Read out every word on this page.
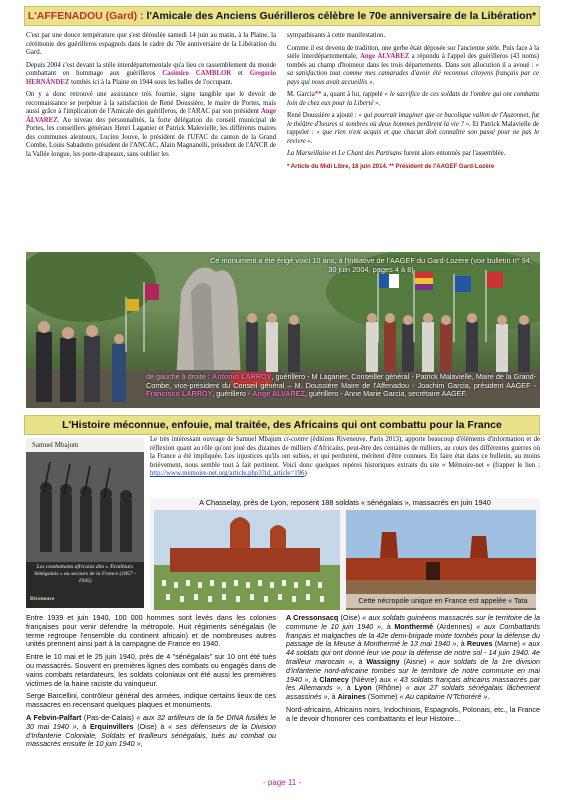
L'AFFENADOU (Gard) : l'Amicale des Anciens Guérilleros célèbre le 70e anniversaire de la Libération*

C'est par une douce température que s'est déroulée samedi 14 juin au matin, à la Plaine, la cérémonie des guérilleros espagnols dans le cadre du 70e anniversaire de la Libération du Gard.

Depuis 2004 c'est devant la stèle interdépartementale qu'a lieu ce rassemblement du monde combattant en hommage aux guérilleros Casimiro CAMBLOR et Gregorio HERNÁNDEZ tombés ici à la Plaine en 1944 sous les balles de l'occupant.

On y a donc retrouvé une assistance très fournie, signe tangible que le devoir de reconnaissance se perpétue à la satisfaction de René Doussière, le maire de Portes, mais aussi grâce à l'implication de l'Amicale des guérilleros, de l'ARAC par son président Ange ÁLVAREZ. Au niveau des personnalités, la forte délégation du conseil municipal de Portes, les conseillers généraux Henri Laganier et Patrick Malevielle, les différents maires des communes alentours, Lucien Jouve, le président de l'UFAC du canton de la Grand Combe, Louis Sabadotto président de l'ANCAC, Alain Magnanelli, président de l'ANCR de la Vallée longue, les porte-drapeaux, sans oublier les

sympathisants à cette manifestation.

Comme il est devenu de tradition, une gerbe était déposée sur l'ancienne stèle. Puis face à la stèle interdépartementale, Ange ÁLVAREZ a répondu à l'appel des guérilleros (43 noms) tombés au champ d'honneur dans les trois départements. Dans son allocution il a avoué : « sa satisfaction tout comme mes camarades d'avoir été reconnus citoyens français par ce pays qui nous avait accueillis ».

M. Garcia** a, quant à lui, rappelé « le sacrifice de ces soldats de l'ombre qui ont combattu loin de chez eux pour la Liberté ».

René Doussière a ajouté : « qui pourrait imaginer que ce bucolique vallon de l'Auzonnet, fut le théâtre d'heures si sombres où deux hommes perdirent la vie ? ». Et Patrick Malavielle de rappeler : « que rien n'est acquis et que chacun doit connaître son passé pour ne pas le revivre ».

La Marseillaise et Le Chant des Partisans furent alors entonnés par l'assemblée.

* Article du Midi Libre, 18 juin 2014. ** Président de l'AAGEF Gard-Lozère

Ce monument a été érigé voici 10 ans, à l'initiative de l'AAGEF du Gard-Lozère (voir bulletin n° 94, 30 juin 2004, pages 4 à 8)
de gauche à droite : Antonio LARROY, guérillero - M Laganier, Conseiller général - Patrick Malavielle, Maire de la Grand-Combe, vice-président du Conseil général – M. Doussière Maire de l'Affenadou - Joachim Garcia, président AAGEF - Francisco LARROY, guérillero - Ange ALVAREZ, guérillero - Anne Marie Garcia, secrétaire AAGEF.
L'Histoire méconnue, enfouie, mal traitée, des Africains qui ont combattu pour la France
Samuel Mbajum
Les combattants africains dits « Tirailleurs Sénégalais » au secours de la France (1857 - 1945)
Riveneuve

Le très intéressant ouvrage de Samuel Mbajum ci-contre (éditions Riveneuve, Paris 2013), apporte beaucoup d'éléments d'information et de réflexion quant au rôle qu'ont joué des dizaines de milliers d'Africains, peut-être des centaines de milliers, au cours des différentes guerres où la France a été impliquée. Les injustices qu'ils ont subies, et qui perdurent, méritent d'être connues. En faire état dans ce bulletin, au moins brièvement, nous semble tout à fait pertinent. Voici donc quelques repères historiques extraits du site « Mémoire-net » (frapper le lien : http://www.memoire-net.org/article.php3?id_article=196)

A Chasselay, près de Lyon, reposent 188 soldats « sénégalais », massacrés en juin 1940
Cette nécropole unique en France est appelée « Tata

Entre 1939 et juin 1940, 100 000 hommes sont levés dans les colonies françaises pour venir défendre la métropole. Huit régiments sénégalais (le terme regroupe l'ensemble du continent africain) et de nombreuses autres unités prennent ainsi part à la campagne de France en 1940.

Entre le 10 mai et le 25 juin 1940, près de 4 "sénégalais" sur 10 ont été tués ou massacrés. Souvent en premières lignes des combats ou engagés dans de vains combats retardateurs, les soldats coloniaux ont été aussi les premières victimes de la haine raciste du vainqueur.

Serge Barcellini, contrôleur général des armées, indique certains lieux de ces massacres en recensant quelques plaques et monuments.

A Febvin-Palfart (Pas-de-Calais) « aux 32 artilleurs de la 5e DINA fusillés le 30 mai 1940 », à Erquinvillers (Oise) à « ses défenseurs de la Division d'Infanterie Coloniale, Soldats et tirailleurs sénégalais, tués au combat ou massacrés ensuite le 10 juin 1940 »,

A Cressonsacq (Oise) « aux soldats guinéens massacrés sur le territoire de la commune le 10 juin 1940 », à Monthermé (Ardennes) « aux Combattants français et malgaches de la 42e demi-brigade mixte tombés pour la défense du passage de la Meuse à Monthermé le 13 mai 1940 », à Reuves (Marne) « aux 44 soldats qui ont donné leur vie pour la défense de notre sol - 14 juin 1940. 4e tirailleur marocain », à Wassigny (Aisne) « aux soldats de la 1re division d'infanterie nord-africaine tombés sur le territoire de notre commune en mai 1940 », à Clamecy (Nièvre) aux « 43 soldats français africains massacrés par les Allemands », à Lyon (Rhône) « aux 27 soldats sénégalais lâchement assassinés », à Airaines (Somme) « Au capitaine N'Tchoréré ».

Nord-africains, Africains noirs, Indochinois, Espagnols, Polonais, etc., la France a le devoir d'honorer ces combattants et leur Histoire…

- page 11 -
